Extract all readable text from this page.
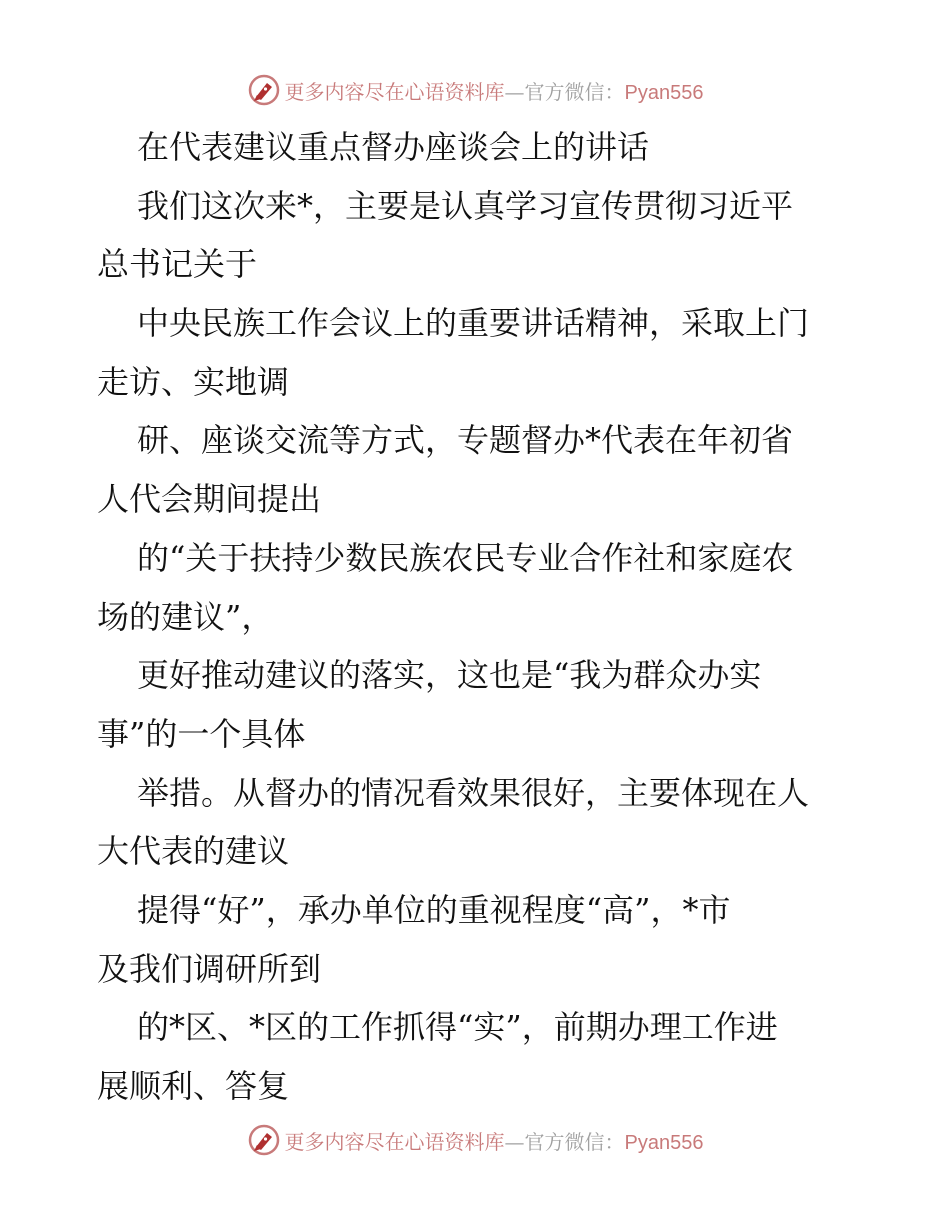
更多内容尽在心语资料库—官方微信：Pyan556
在代表建议重点督办座谈会上的讲话
我们这次来*，主要是认真学习宣传贯彻习近平
总书记关于
中央民族工作会议上的重要讲话精神，采取上门
走访、实地调
研、座谈交流等方式，专题督办*代表在年初省
人代会期间提出
的“关于扶持少数民族农民专业合作社和家庭农
场的建议”，
更好推动建议的落实，这也是“我为群众办实
事”的一个具体
举措。从督办的情况看效果很好，主要体现在人
大代表的建议
提得“好”，承办单位的重视程度“高”，*市
及我们调研所到
的*区、*区的工作抓得“实”，前期办理工作进
展顺利、答复
更多内容尽在心语资料库—官方微信：Pyan556
